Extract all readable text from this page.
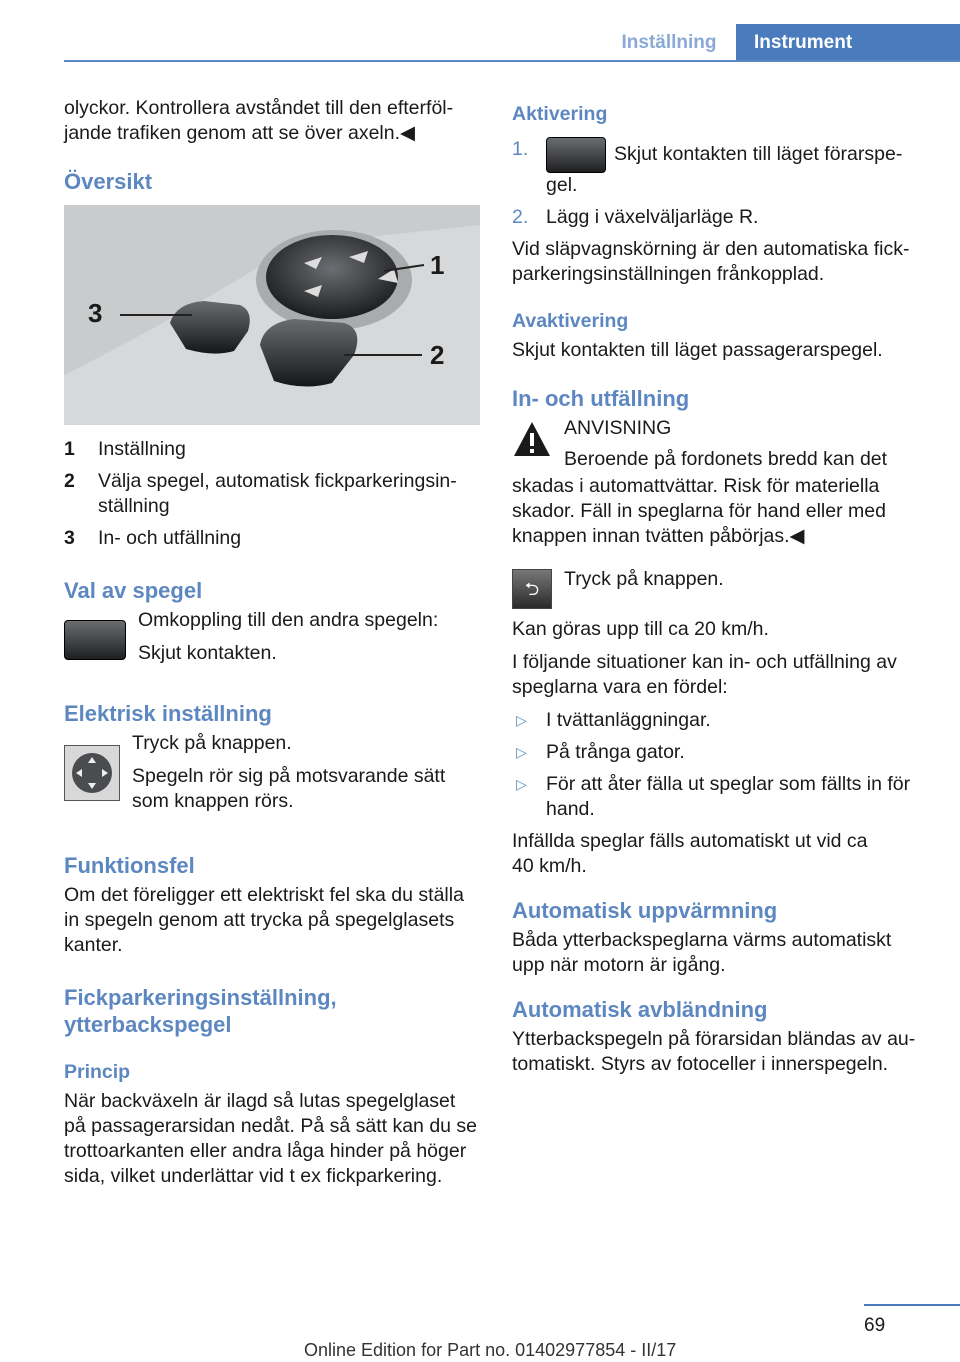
Inställning	Instrument

olyckor. Kontrollera avståndet till den efterföl‐jande trafiken genom att se över axeln.◀

Översikt
1
2
3
1	Inställning
2	Välja spegel, automatisk fickparkeringsin‐ställning
3	In- och utfällning
Val av spegel

Omkoppling till den andra spegeln:

Skjut kontakten.

Elektrisk inställning

Tryck på knappen.

Spegeln rör sig på motsvarande sätt som knappen rörs.

Funktionsfel

Om det föreligger ett elektriskt fel ska du ställa in spegeln genom att trycka på spegelglasets kanter.

Fickparkeringsinställning, ytterbackspegel
Princip

När backväxeln är ilagd så lutas spegelglaset på passagerarsidan nedåt. På så sätt kan du se trottoarkanten eller andra låga hinder på höger sida, vilket underlättar vid t ex fickparkering.

Aktivering
1.	Skjut kontakten till läget förarspe‐gel.
2. Lägg i växelväljarläge R.

Vid släpvagnskörning är den automatiska fick‐parkeringsinställningen frånkopplad.

Avaktivering

Skjut kontakten till läget passagerarspegel.

In- och utfällning

ANVISNING

Beroende på fordonets bredd kan det

skadas i automattvättar. Risk för materiella skador. Fäll in speglarna för hand eller med knappen innan tvätten påbörjas.◀

⮌	Tryck på knappen.

Kan göras upp till ca 20 km/h.

I följande situationer kan in- och utfällning av speglarna vara en fördel:

▷ I tvättanläggningar.
▷ På trånga gator.
▷ För att åter fälla ut speglar som fällts in för hand.

Infällda speglar fälls automatiskt ut vid ca 40 km/h.

Automatisk uppvärmning

Båda ytterbackspeglarna värms automatiskt upp när motorn är igång.

Automatisk avbländning

Ytterbackspegeln på förarsidan bländas av au‐tomatiskt. Styrs av fotoceller i innerspegeln.

69
Online Edition for Part no. 01402977854 - II/17
